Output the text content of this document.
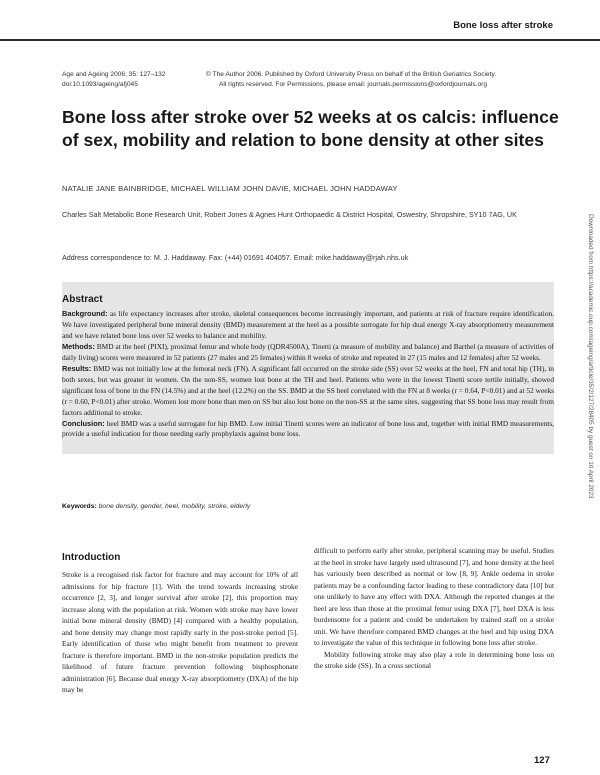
Bone loss after stroke
Age and Ageing 2006; 35: 127–132
doi:10.1093/ageing/afj045
© The Author 2006. Published by Oxford University Press on behalf of the British Geriatrics Society.
All rights reserved. For Permissions, please email: journals.permissions@oxfordjournals.org
Bone loss after stroke over 52 weeks at os calcis: influence of sex, mobility and relation to bone density at other sites
NATALIE JANE BAINBRIDGE, MICHAEL WILLIAM JOHN DAVIE, MICHAEL JOHN HADDAWAY
Charles Salt Metabolic Bone Research Unit, Robert Jones & Agnes Hunt Orthopaedic & District Hospital, Oswestry, Shropshire, SY10 7AG, UK
Address correspondence to: M. J. Haddaway. Fax: (+44) 01691 404057. Email: mike.haddaway@rjah.nhs.uk
Abstract

Background: as life expectancy increases after stroke, skeletal consequences become increasingly important, and patients at risk of fracture require identification. We have investigated peripheral bone mineral density (BMD) measurement at the heel as a possible surrogate for hip dual energy X-ray absorptiometry measurement and we have related bone loss over 52 weeks to balance and mobility.

Methods: BMD at the heel (PIXI), proximal femur and whole body (QDR4500A), Tinetti (a measure of mobility and balance) and Barthel (a measure of activities of daily living) scores were measured in 52 patients (27 males and 25 females) within 8 weeks of stroke and repeated in 27 (15 males and 12 females) after 52 weeks.

Results: BMD was not initially low at the femoral neck (FN). A significant fall occurred on the stroke side (SS) over 52 weeks at the heel, FN and total hip (TH), in both sexes, but was greater in women. On the non-SS, women lost bone at the TH and heel. Patients who were in the lowest Tinetti score tertile initially, showed significant loss of bone in the FN (14.5%) and at the heel (12.2%) on the SS. BMD at the SS heel correlated with the FN at 8 weeks (r = 0.64, P<0.01) and at 52 weeks (r = 0.60, P<0.01) after stroke. Women lost more bone than men on SS but also lost bone on the non-SS at the same sites, suggesting that SS bone loss may result from factors additional to stroke.

Conclusion: heel BMD was a useful surrogate for hip BMD. Low initial Tinetti scores were an indicator of bone loss and, together with initial BMD measurements, provide a useful indication for those needing early prophylaxis against bone loss.

Keywords: bone density, gender, heel, mobility, stroke, elderly
Introduction

Stroke is a recognised risk factor for fracture and may account for 10% of all admissions for hip fracture [1]. With the trend towards increasing stroke occurrence [2, 3], and longer survival after stroke [2], this proportion may increase along with the population at risk. Women with stroke may have lower initial bone mineral density (BMD) [4] compared with a healthy population, and bone density may change most rapidly early in the post-stroke period [5]. Early identification of those who might benefit from treatment to prevent fracture is therefore important. BMD in the non-stroke population predicts the likelihood of future fracture prevention following bisphosphonate administration [6]. Because dual energy X-ray absorptiometry (DXA) of the hip may be

difficult to perform early after stroke, peripheral scanning may be useful. Studies at the heel in stroke have largely used ultrasound [7], and bone density at the heel has variously been described as normal or low [8, 9]. Ankle oedema in stroke patients may be a confounding factor leading to these contradictory data [10] but one unlikely to have any effect with DXA. Although the reported changes at the heel are less than those at the proximal femur using DXA [7], heel DXA is less burdensome for a patient and could be undertaken by trained staff on a stroke unit. We have therefore compared BMD changes at the heel and hip using DXA to investigate the value of this technique in following bone loss after stroke.

Mobility following stroke may also play a role in determining bone loss on the stroke side (SS). In a cross sectional

127
Downloaded from https://academic.oup.com/ageing/article/35/2/127/28405 by guest on 10 April 2023
